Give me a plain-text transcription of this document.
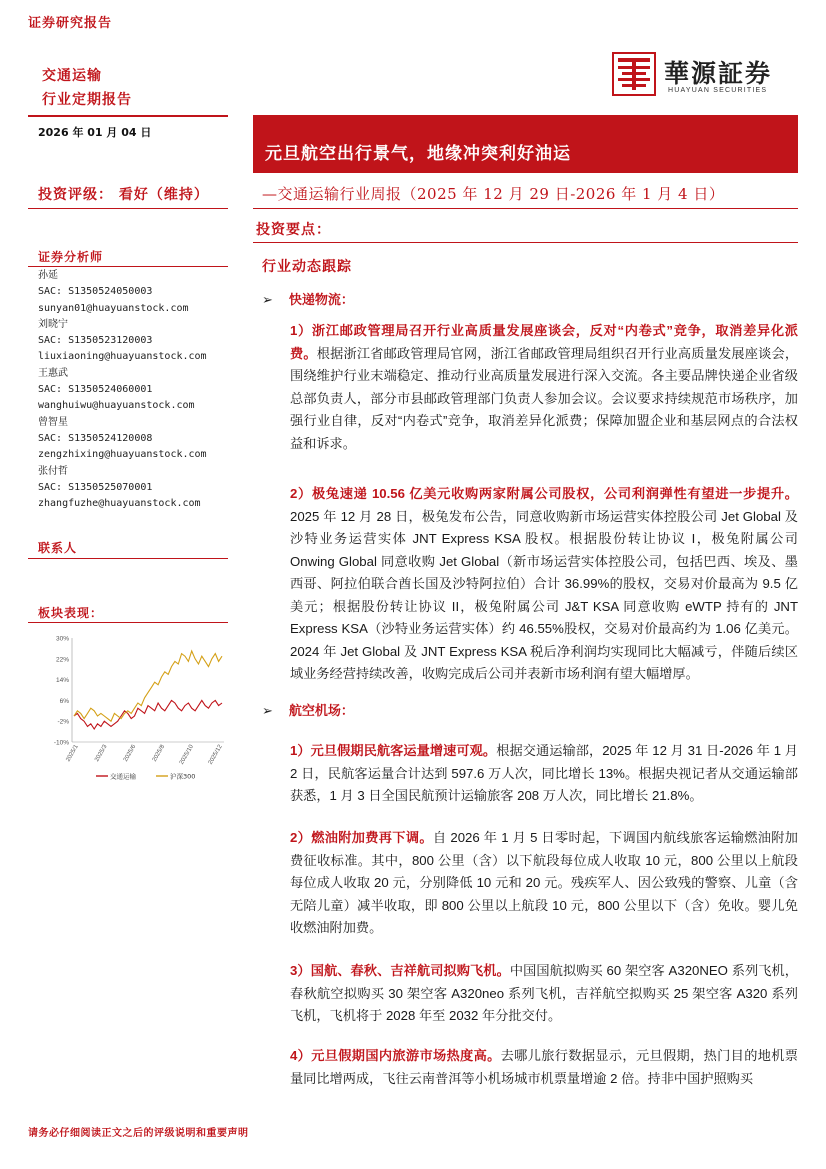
证券研究报告
交通运输
行业定期报告
華源証券
HUAYUAN SECURITIES
2026 年 01 月 04 日
元旦航空出行景气，地缘冲突利好油运
投资评级： 看好（维持）	—交通运输行业周报（2025 年 12 月 29 日-2026 年 1 月 4 日）
投资要点：
证券分析师
孙延
SAC: S1350524050003
sunyan01@huayuanstock.com
刘晓宁
SAC: S1350523120003
liuxiaoning@huayuanstock.com
王惠武
SAC: S1350524060001
wanghuiwu@huayuanstock.com
曾智星
SAC: S1350524120008
zengzhixing@huayuanstock.com
张付哲
SAC: S1350525070001
zhangfuzhe@huayuanstock.com
联系人
板块表现：
30%
22%
14%
6%
-2%
-10%
2025/1 2025/3 2025/6 2025/8 2025/10 2025/12
交通运输	沪深300
行业动态跟踪
➢ 快递物流：
1）浙江邮政管理局召开行业高质量发展座谈会，反对“内卷式”竞争，取消差异化派费。根据浙江省邮政管理局官网，浙江省邮政管理局组织召开行业高质量发展座谈会，围绕维护行业末端稳定、推动行业高质量发展进行深入交流。各主要品牌快递企业省级总部负责人，部分市县邮政管理部门负责人参加会议。会议要求持续规范市场秩序，加强行业自律，反对“内卷式”竞争，取消差异化派费；保障加盟企业和基层网点的合法权益和诉求。
2）极兔速递 10.56 亿美元收购两家附属公司股权，公司利润弹性有望进一步提升。2025 年 12 月 28 日，极兔发布公告，同意收购新市场运营实体控股公司 Jet Global 及沙特业务运营实体 JNT Express KSA 股权。根据股份转让协议 I，极兔附属公司 Onwing Global 同意收购 Jet Global（新市场运营实体控股公司，包括巴西、埃及、墨西哥、阿拉伯联合酋长国及沙特阿拉伯）合计 36.99%的股权，交易对价最高为 9.5 亿美元；根据股份转让协议 II，极兔附属公司 J&T KSA 同意收购 eWTP 持有的 JNT Express KSA（沙特业务运营实体）约 46.55%股权，交易对价最高约为 1.06 亿美元。2024 年 Jet Global 及 JNT Express KSA 税后净利润均实现同比大幅减亏，伴随后续区域业务经营持续改善，收购完成后公司并表新市场利润有望大幅增厚。
➢ 航空机场：
1）元旦假期民航客运量增速可观。根据交通运输部，2025 年 12 月 31 日-2026 年 1 月 2 日，民航客运量合计达到 597.6 万人次，同比增长 13%。根据央视记者从交通运输部获悉，1 月 3 日全国民航预计运输旅客 208 万人次，同比增长 21.8%。
2）燃油附加费再下调。自 2026 年 1 月 5 日零时起，下调国内航线旅客运输燃油附加费征收标准。其中，800 公里（含）以下航段每位成人收取 10 元，800 公里以上航段每位成人收取 20 元，分别降低 10 元和 20 元。残疾军人、因公致残的警察、儿童（含无陪儿童）减半收取，即 800 公里以上航段 10 元，800 公里以下（含）免收。婴儿免收燃油附加费。
3）国航、春秋、吉祥航司拟购飞机。中国国航拟购买 60 架空客 A320NEO 系列飞机，春秋航空拟购买 30 架空客 A320neo 系列飞机，吉祥航空拟购买 25 架空客 A320 系列飞机，飞机将于 2028 年至 2032 年分批交付。
4）元旦假期国内旅游市场热度高。去哪儿旅行数据显示，元旦假期，热门目的地机票量同比增两成，飞往云南普洱等小机场城市机票量增逾 2 倍。持非中国护照购买
请务必仔细阅读正文之后的评级说明和重要声明
